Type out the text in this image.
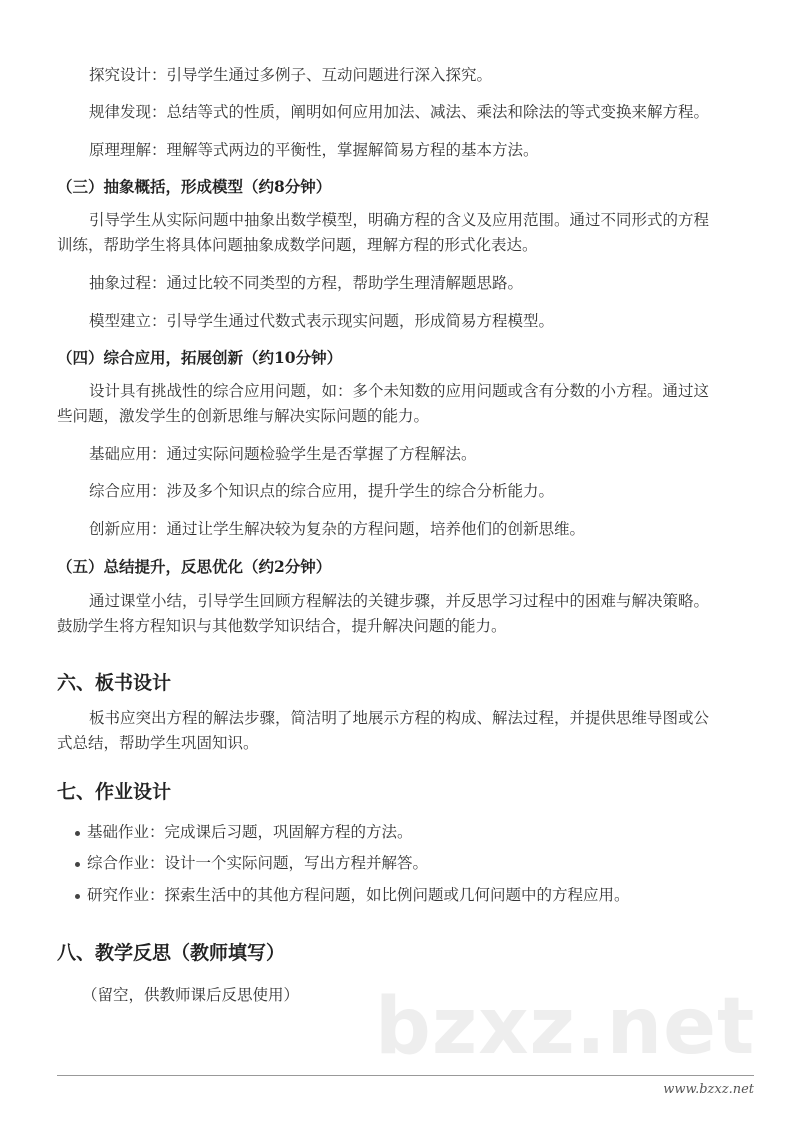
探究设计：引导学生通过多例子、互动问题进行深入探究。
规律发现：总结等式的性质，阐明如何应用加法、减法、乘法和除法的等式变换来解方程。
原理理解：理解等式两边的平衡性，掌握解简易方程的基本方法。
（三）抽象概括，形成模型（约8分钟）
引导学生从实际问题中抽象出数学模型，明确方程的含义及应用范围。通过不同形式的方程
训练，帮助学生将具体问题抽象成数学问题，理解方程的形式化表达。
抽象过程：通过比较不同类型的方程，帮助学生理清解题思路。
模型建立：引导学生通过代数式表示现实问题，形成简易方程模型。
（四）综合应用，拓展创新（约10分钟）
设计具有挑战性的综合应用问题，如：多个未知数的应用问题或含有分数的小方程。通过这
些问题，激发学生的创新思维与解决实际问题的能力。
基础应用：通过实际问题检验学生是否掌握了方程解法。
综合应用：涉及多个知识点的综合应用，提升学生的综合分析能力。
创新应用：通过让学生解决较为复杂的方程问题，培养他们的创新思维。
（五）总结提升，反思优化（约2分钟）
通过课堂小结，引导学生回顾方程解法的关键步骤，并反思学习过程中的困难与解决策略。
鼓励学生将方程知识与其他数学知识结合，提升解决问题的能力。
六、板书设计
板书应突出方程的解法步骤，简洁明了地展示方程的构成、解法过程，并提供思维导图或公
式总结，帮助学生巩固知识。
七、作业设计
基础作业：完成课后习题，巩固解方程的方法。
综合作业：设计一个实际问题，写出方程并解答。
研究作业：探索生活中的其他方程问题，如比例问题或几何问题中的方程应用。
八、教学反思（教师填写）
（留空，供教师课后反思使用） bzxz.net
www.bzxz.net
